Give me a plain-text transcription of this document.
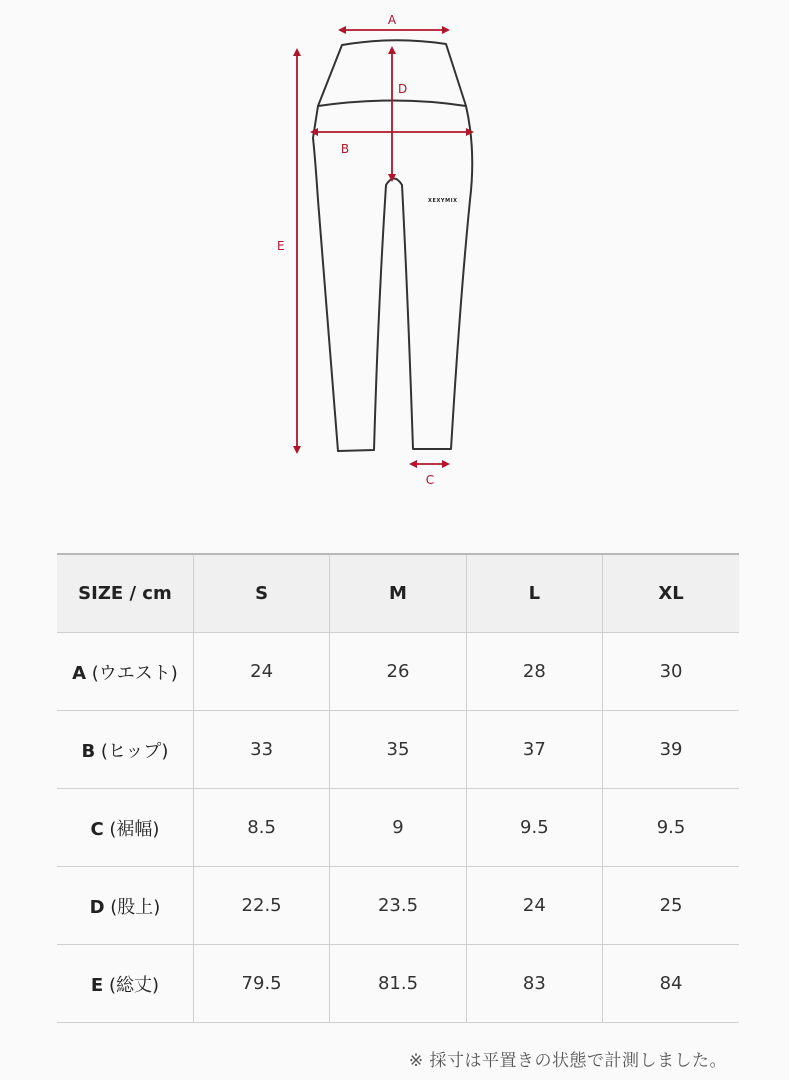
XEXYMIX
A
D
B
E
C
SIZE / cm	S	M	L	XL
A (ウエスト)	24	26	28	30
B (ヒップ)	33	35	37	39
C (裾幅)	8.5	9	9.5	9.5
D (股上)	22.5	23.5	24	25
E (総丈)	79.5	81.5	83	84
※ 採寸は平置きの状態で計測しました。
